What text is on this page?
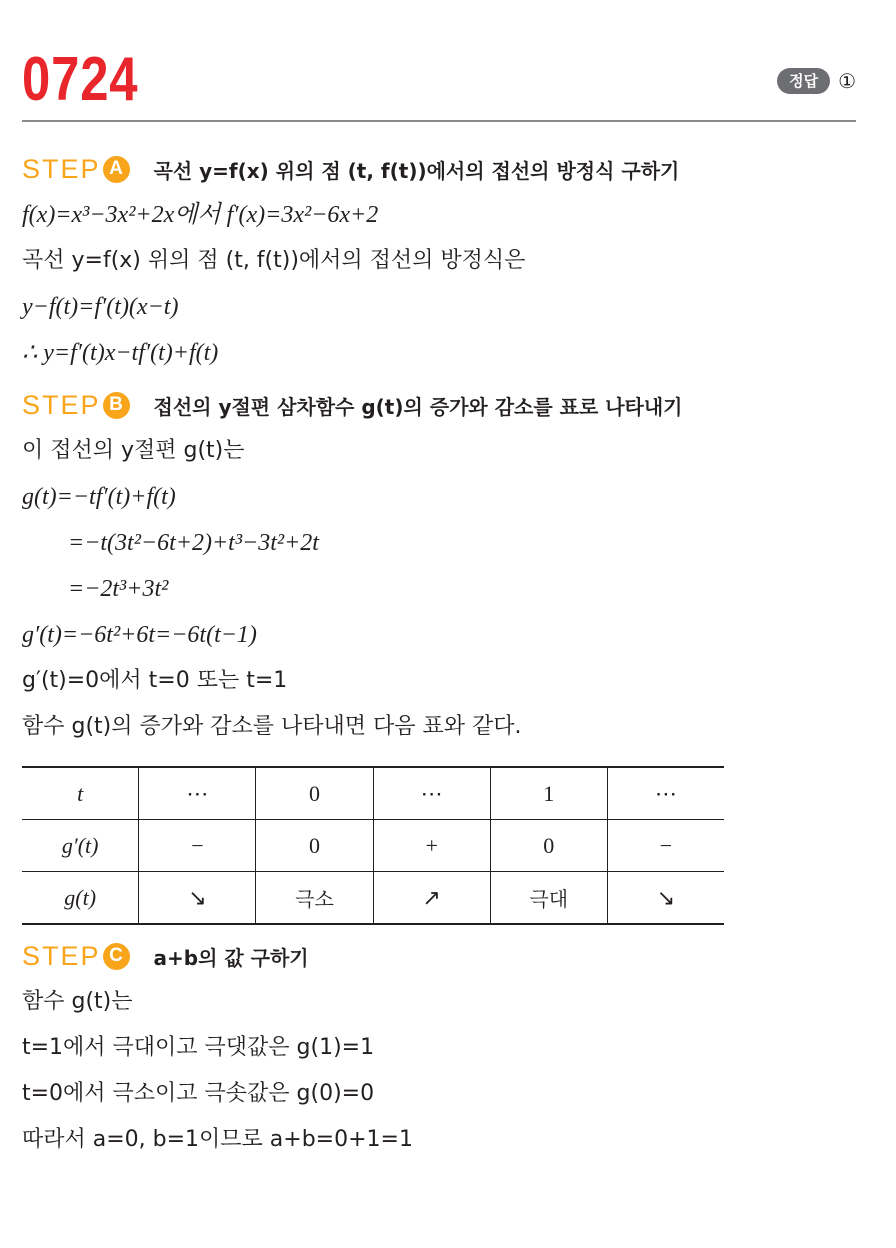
0724	정답	①
STEP A	곡선 y=f(x) 위의 점 (t, f(t))에서의 접선의 방정식 구하기
f(x)=x³−3x²+2x에서 f′(x)=3x²−6x+2
곡선 y=f(x) 위의 점 (t, f(t))에서의 접선의 방정식은
y−f(t)=f′(t)(x−t)
∴ y=f′(t)x−tf′(t)+f(t)
STEP B	접선의 y절편 삼차함수 g(t)의 증가와 감소를 표로 나타내기
이 접선의 y절편 g(t)는
g(t)=−tf′(t)+f(t)
=−t(3t²−6t+2)+t³−3t²+2t
=−2t³+3t²
g′(t)=−6t²+6t=−6t(t−1)
g′(t)=0에서 t=0 또는 t=1
함수 g(t)의 증가와 감소를 나타내면 다음 표와 같다.
t	⋯	0	⋯	1	⋯
g′(t)	−	0	+	0	−
g(t)	↘	극소	↗	극대	↘
STEP C	a+b의 값 구하기
함수 g(t)는
t=1에서 극대이고 극댓값은 g(1)=1
t=0에서 극소이고 극솟값은 g(0)=0
따라서 a=0, b=1이므로 a+b=0+1=1
